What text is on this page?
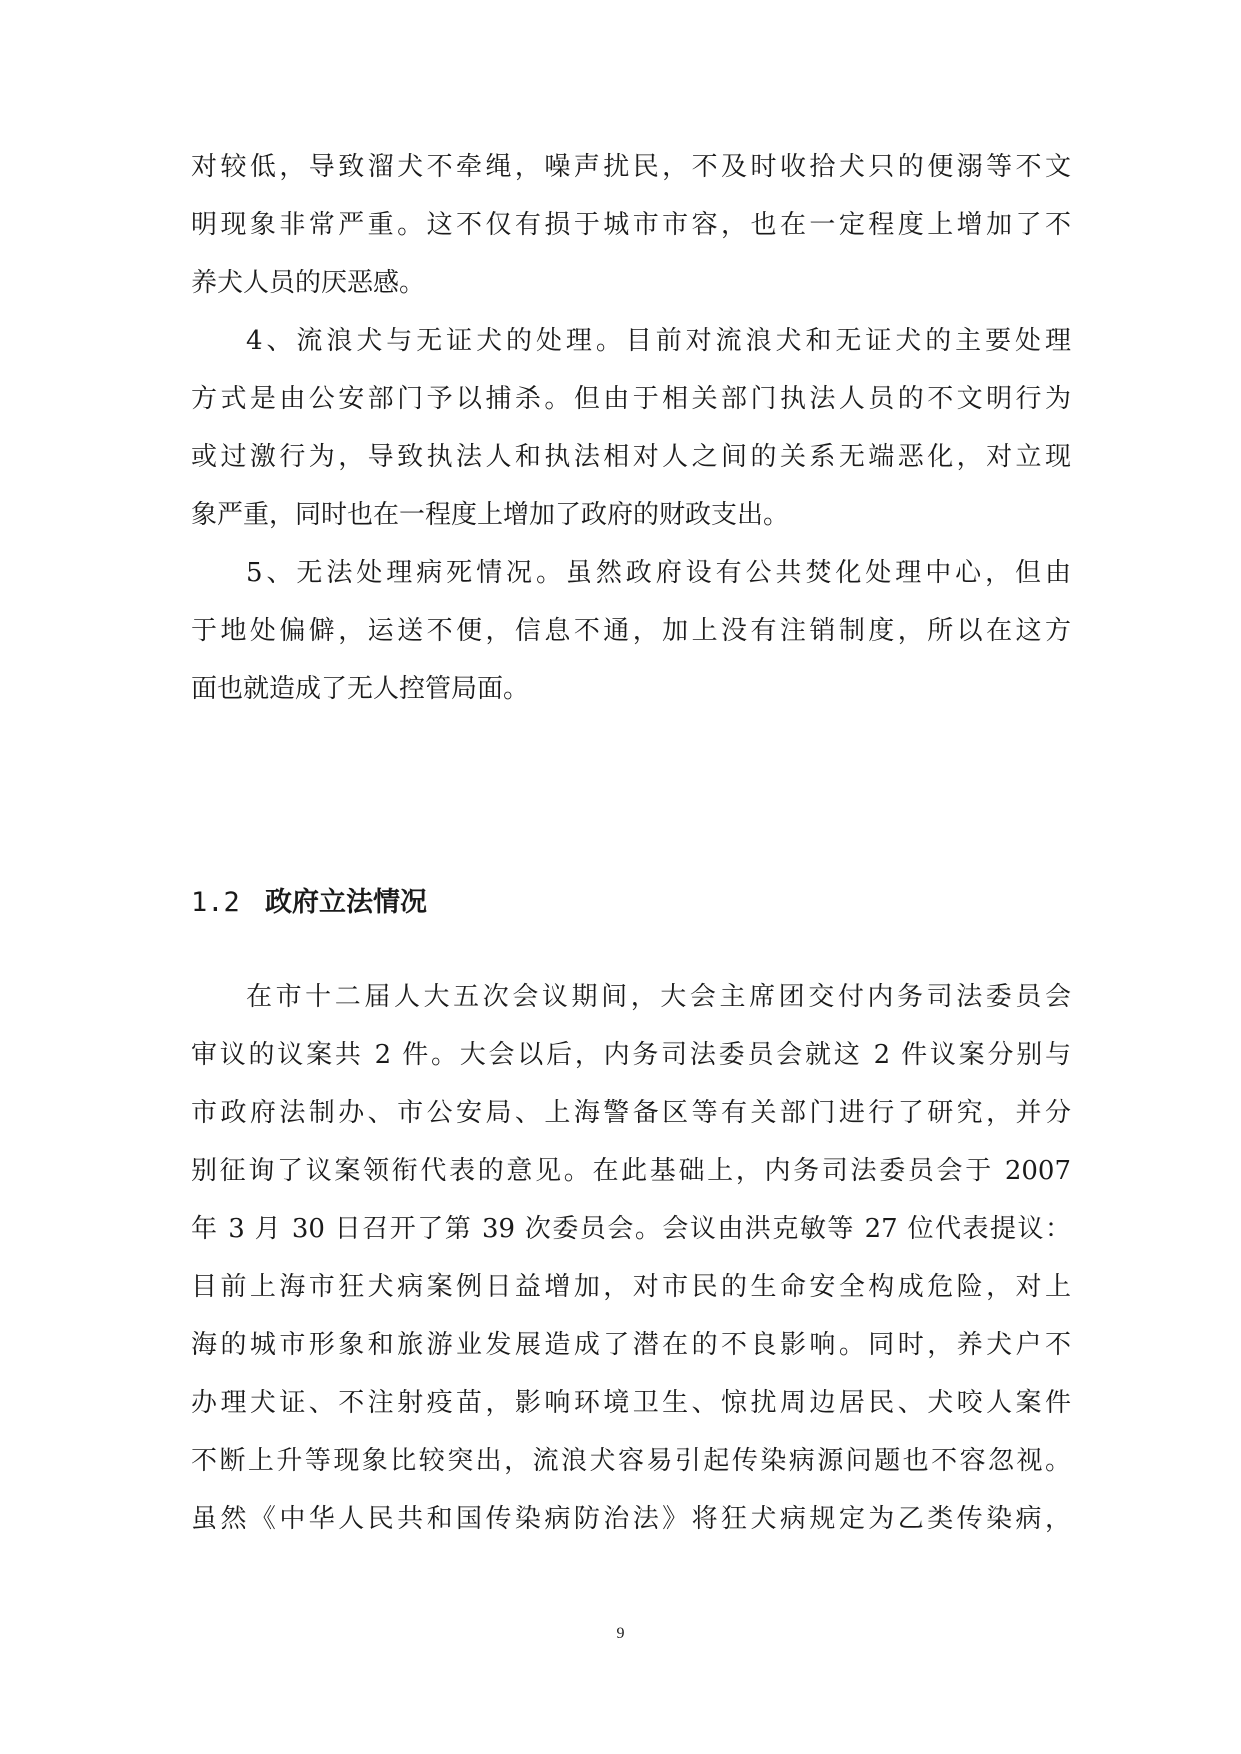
对较低，导致溜犬不牵绳，噪声扰民，不及时收拾犬只的便溺等不文
明现象非常严重。这不仅有损于城市市容，也在一定程度上增加了不
养犬人员的厌恶感。
4、流浪犬与无证犬的处理。目前对流浪犬和无证犬的主要处理
方式是由公安部门予以捕杀。但由于相关部门执法人员的不文明行为
或过激行为，导致执法人和执法相对人之间的关系无端恶化，对立现
象严重，同时也在一程度上增加了政府的财政支出。
5、无法处理病死情况。虽然政府设有公共焚化处理中心，但由
于地处偏僻，运送不便，信息不通，加上没有注销制度，所以在这方
面也就造成了无人控管局面。
1.2 政府立法情况
在市十二届人大五次会议期间，大会主席团交付内务司法委员会
审议的议案共 2 件。大会以后，内务司法委员会就这 2 件议案分别与
市政府法制办、市公安局、上海警备区等有关部门进行了研究，并分
别征询了议案领衔代表的意见。在此基础上，内务司法委员会于 2007
年 3 月 30 日召开了第 39 次委员会。会议由洪克敏等 27 位代表提议：
目前上海市狂犬病案例日益增加，对市民的生命安全构成危险，对上
海的城市形象和旅游业发展造成了潜在的不良影响。同时，养犬户不
办理犬证、不注射疫苗，影响环境卫生、惊扰周边居民、犬咬人案件
不断上升等现象比较突出，流浪犬容易引起传染病源问题也不容忽视。
虽然《中华人民共和国传染病防治法》将狂犬病规定为乙类传染病，
9
